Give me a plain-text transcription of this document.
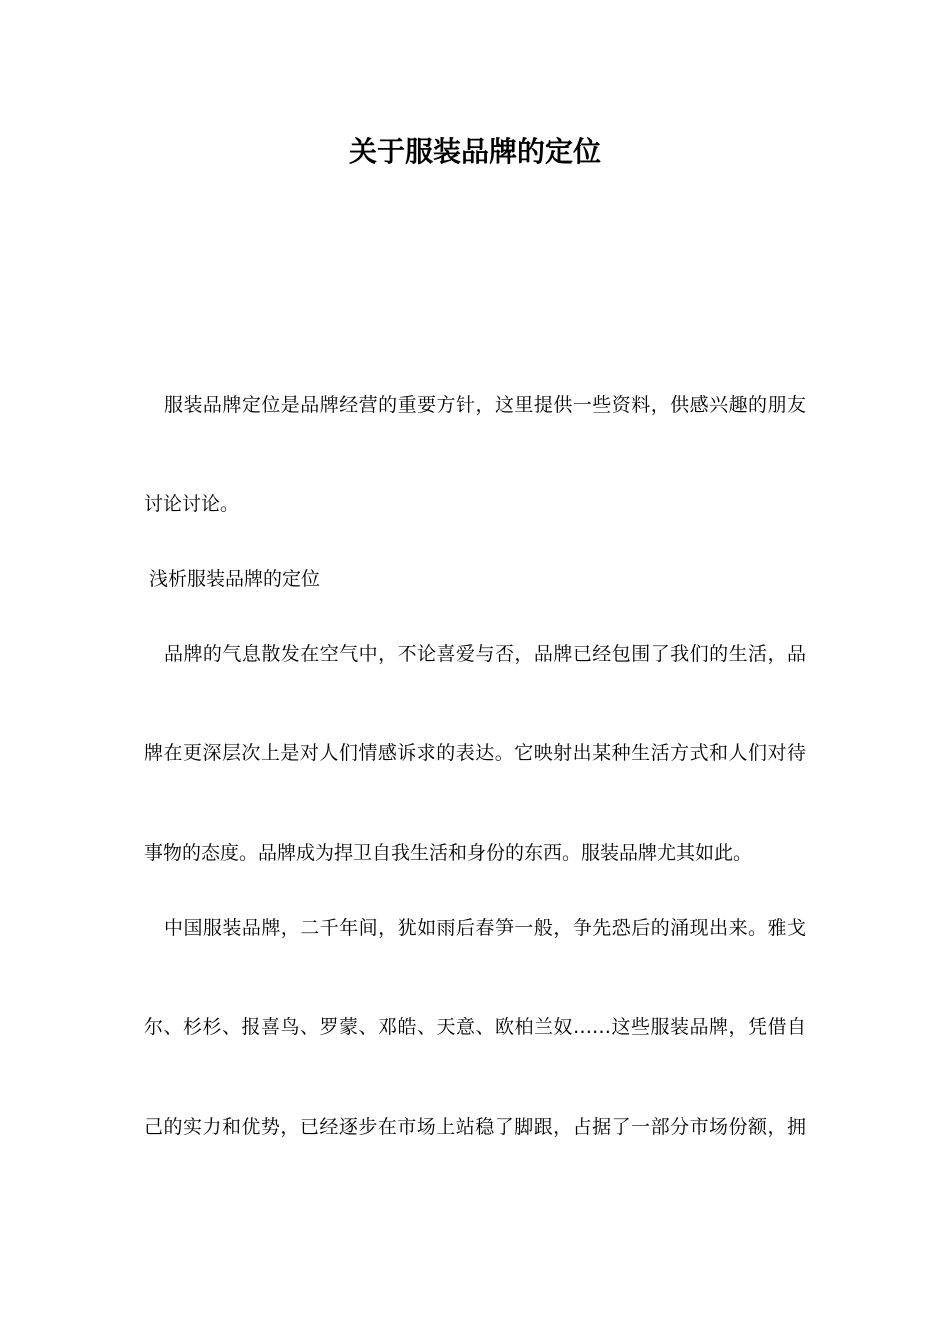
关于服装品牌的定位
服装品牌定位是品牌经营的重要方针，这里提供一些资料，供感兴趣的朋友
讨论讨论。
浅析服装品牌的定位
品牌的气息散发在空气中，不论喜爱与否，品牌已经包围了我们的生活，品
牌在更深层次上是对人们情感诉求的表达。它映射出某种生活方式和人们对待
事物的态度。品牌成为捍卫自我生活和身份的东西。服装品牌尤其如此。
中国服装品牌，二千年间，犹如雨后春笋一般，争先恐后的涌现出来。雅戈
尔、杉杉、报喜鸟、罗蒙、邓皓、天意、欧柏兰奴……这些服装品牌，凭借自
己的实力和优势，已经逐步在市场上站稳了脚跟，占据了一部分市场份额，拥
